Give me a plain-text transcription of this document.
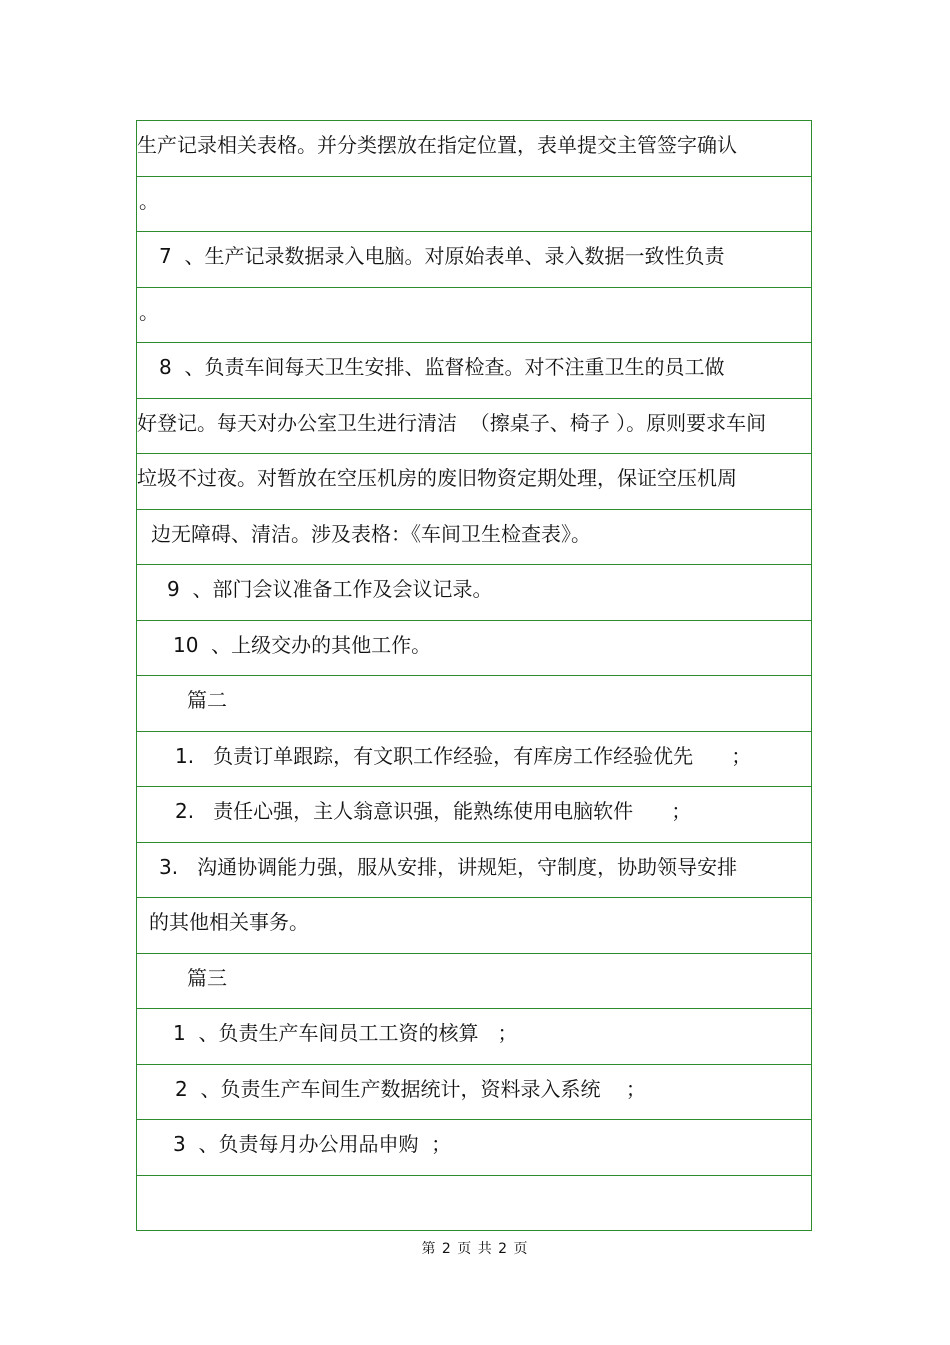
生产记录相关表格。并分类摆放在指定位置，表单提交主管签字确认
。
7  、生产记录数据录入电脑。对原始表单、录入数据一致性负责
。
8  、负责车间每天卫生安排、监督检查。对不注重卫生的员工做
好登记。每天对办公室卫生进行清洁  （擦桌子、椅子 ）。原则要求车间
垃圾不过夜。对暂放在空压机房的废旧物资定期处理，保证空压机周
边无障碍、清洁。涉及表格：《车间卫生检查表》。
9  、部门会议准备工作及会议记录。
10  、上级交办的其他工作。
篇二
1.   负责订单跟踪，有文职工作经验，有库房工作经验优先      ；
2.   责任心强，主人翁意识强，能熟练使用电脑软件      ；
3.   沟通协调能力强，服从安排，讲规矩，守制度，协助领导安排
的其他相关事务。
篇三
1  、负责生产车间员工工资的核算   ；
2  、负责生产车间生产数据统计，资料录入系统    ；
3  、负责每月办公用品申购  ；
第 2 页 共 2 页
